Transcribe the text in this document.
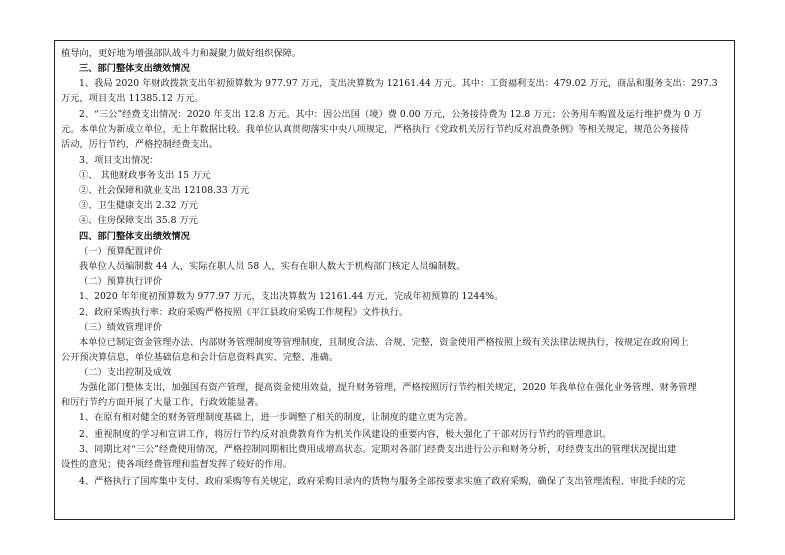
植导向，更好地为增强部队战斗力和凝聚力做好组织保障。
三、部门整体支出绩效情况
1、我局 2020 年财政拨款支出年初预算数为 977.97 万元，支出决算数为 12161.44 万元。其中：工资福利支出：479.02 万元，商品和服务支出：297.3
万元，项目支出 11385.12 万元。
2、“三公”经费支出情况：2020 年支出 12.8 万元。其中：因公出国（境）费 0.00 万元，公务接待费为 12.8 万元；公务用车购置及运行维护费为 0 万
元。本单位为新成立单位，无上年数据比较。我单位认真贯彻落实中央八项规定，严格执行《党政机关厉行节约反对浪费条例》等相关规定，规范公务接待
活动，厉行节约，严格控制经费支出。
3、项目支出情况：
①、 其他财政事务支出 15 万元
②、社会保障和就业支出 12108.33 万元
③、卫生健康支出 2.32 万元
④、住房保障支出 35.8 万元
四、部门整体支出绩效情况
（一）预算配置评价
我单位人员编制数 44 人，实际在职人员 58 人，实有在职人数大于机构部门核定人员编制数。
（二）预算执行评价
1、2020 年年度初预算数为 977.97 万元，支出决算数为 12161.44 万元，完成年初预算的 1244%。
2、政府采购执行率：政府采购严格按照《平江县政府采购工作规程》文件执行。
（三）绩效管理评价
本单位已制定资金管理办法、内部财务管理制度等管理制度，且制度合法、合规、完整，资金使用严格按照上级有关法律法规执行，按规定在政府网上
公开预决算信息，单位基础信息和会计信息资料真实、完整、准确。
（二）支出控制及成效
为强化部门整体支出，加强国有资产管理，提高资金使用效益，提升财务管理，严格按照厉行节约相关规定，2020 年我单位在强化业务管理、财务管理
和厉行节约方面开展了大量工作，行政效能显著。
1、在原有相对健全的财务管理制度基础上，进一步调整了相关的制度，让制度的建立更为完善。
2、重视制度的学习和宣讲工作，将厉行节约反对浪费教育作为机关作风建设的重要内容，极大强化了干部对厉行节约的管理意识。
3、同期比对“三公”经费使用情况，严格控制同期相比费用成增高状态。定期对各部门经费支出进行公示和财务分析，对经费支出的管理状况提出建
设性的意见；使各项经费管理和监督发挥了较好的作用。
4、严格执行了国库集中支付、政府采购等有关规定，政府采购目录内的货物与服务全部按要求实施了政府采购，确保了支出管理流程、审批手续的完
